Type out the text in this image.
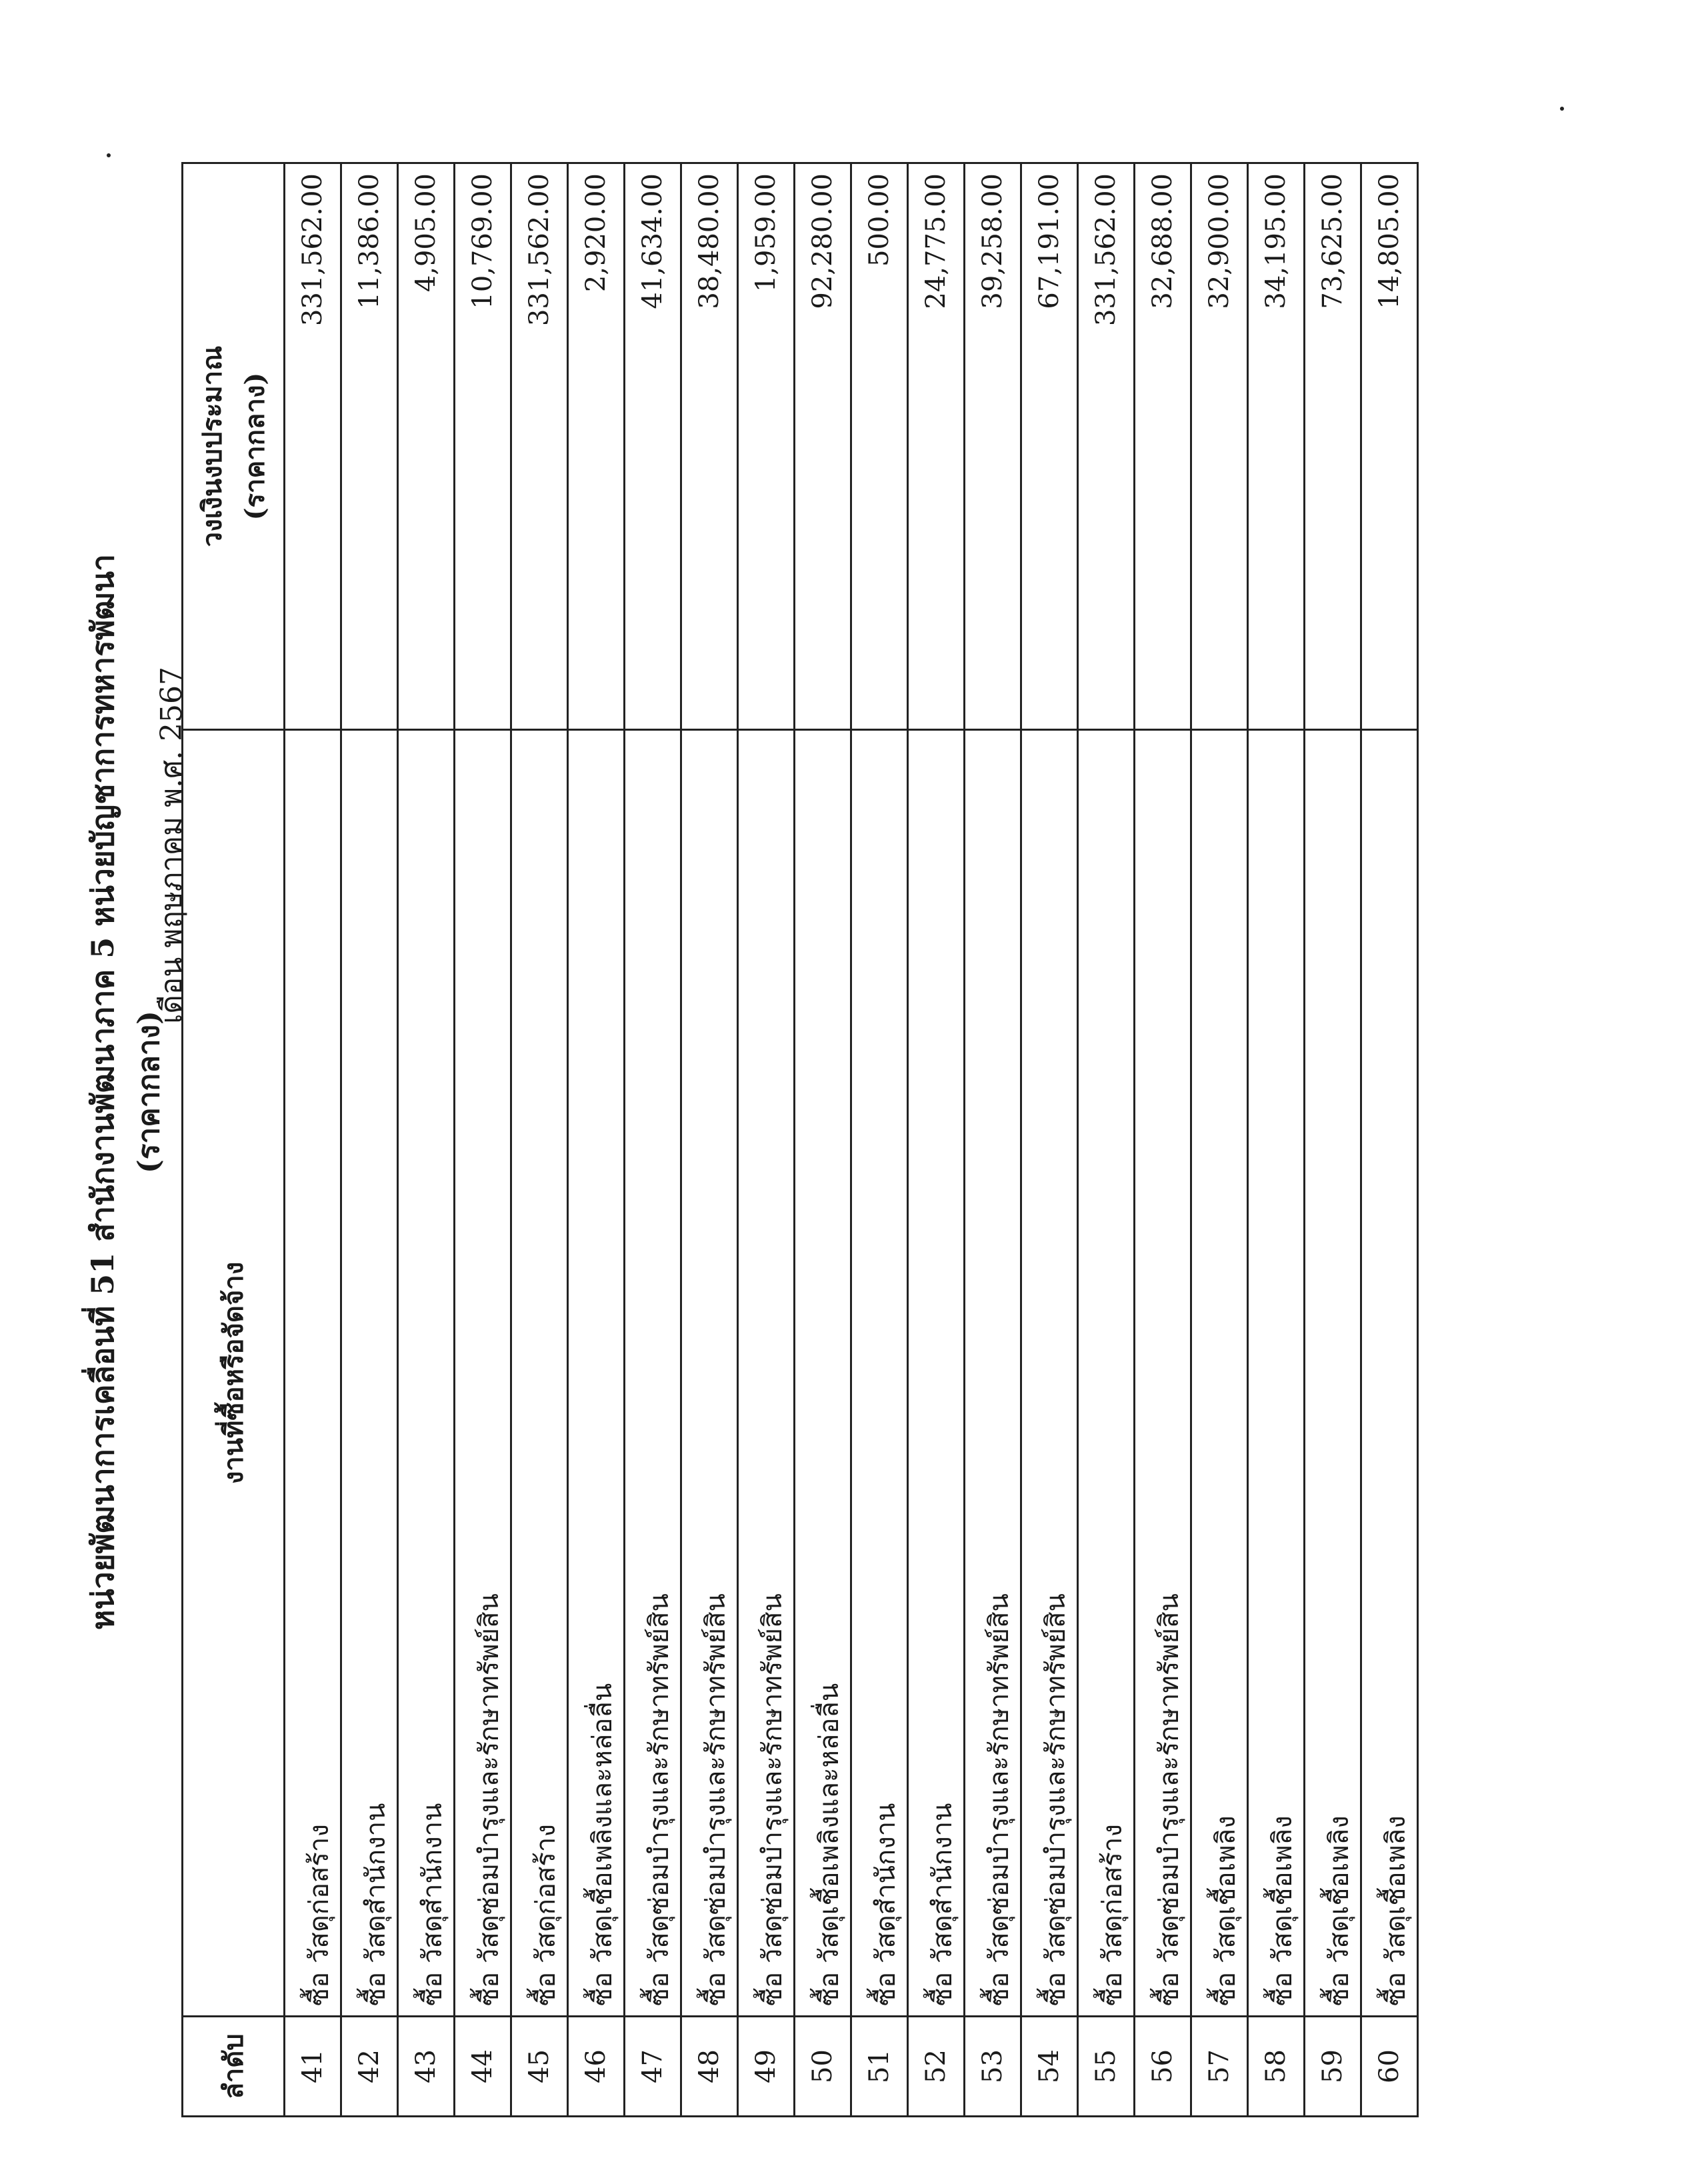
หน่วยพัฒนาการเคลื่อนที่ 51 สำนักงานพัฒนาภาค 5 หน่วยบัญชาการทหารพัฒนา (ราคากลาง)
เดือน พฤษภาคม พ.ศ. 2567
ลำดับ	งานที่ซื้อหรือจัดจ้าง	วงเงินงบประมาณ (ราคากลาง)

41	ซื้อ วัสดุก่อสร้าง	331,562.00
42	ซื้อ วัสดุสำนักงาน	11,386.00
43	ซื้อ วัสดุสำนักงาน	4,905.00
44	ซื้อ วัสดุซ่อมบำรุงและรักษาทรัพย์สิน	10,769.00
45	ซื้อ วัสดุก่อสร้าง	331,562.00
46	ซื้อ วัสดุเชื้อเพลิงและหล่อลื่น	2,920.00
47	ซื้อ วัสดุซ่อมบำรุงและรักษาทรัพย์สิน	41,634.00
48	ซื้อ วัสดุซ่อมบำรุงและรักษาทรัพย์สิน	38,480.00
49	ซื้อ วัสดุซ่อมบำรุงและรักษาทรัพย์สิน	1,959.00
50	ซื้อ วัสดุเชื้อเพลิงและหล่อลื่น	92,280.00
51	ซื้อ วัสดุสำนักงาน	500.00
52	ซื้อ วัสดุสำนักงาน	24,775.00
53	ซื้อ วัสดุซ่อมบำรุงและรักษาทรัพย์สิน	39,258.00
54	ซื้อ วัสดุซ่อมบำรุงและรักษาทรัพย์สิน	67,191.00
55	ซื้อ วัสดุก่อสร้าง	331,562.00
56	ซื้อ วัสดุซ่อมบำรุงและรักษาทรัพย์สิน	32,688.00
57	ซื้อ วัสดุเชื้อเพลิง	32,900.00
58	ซื้อ วัสดุเชื้อเพลิง	34,195.00
59	ซื้อ วัสดุเชื้อเพลิง	73,625.00
60	ซื้อ วัสดุเชื้อเพลิง	14,805.00
